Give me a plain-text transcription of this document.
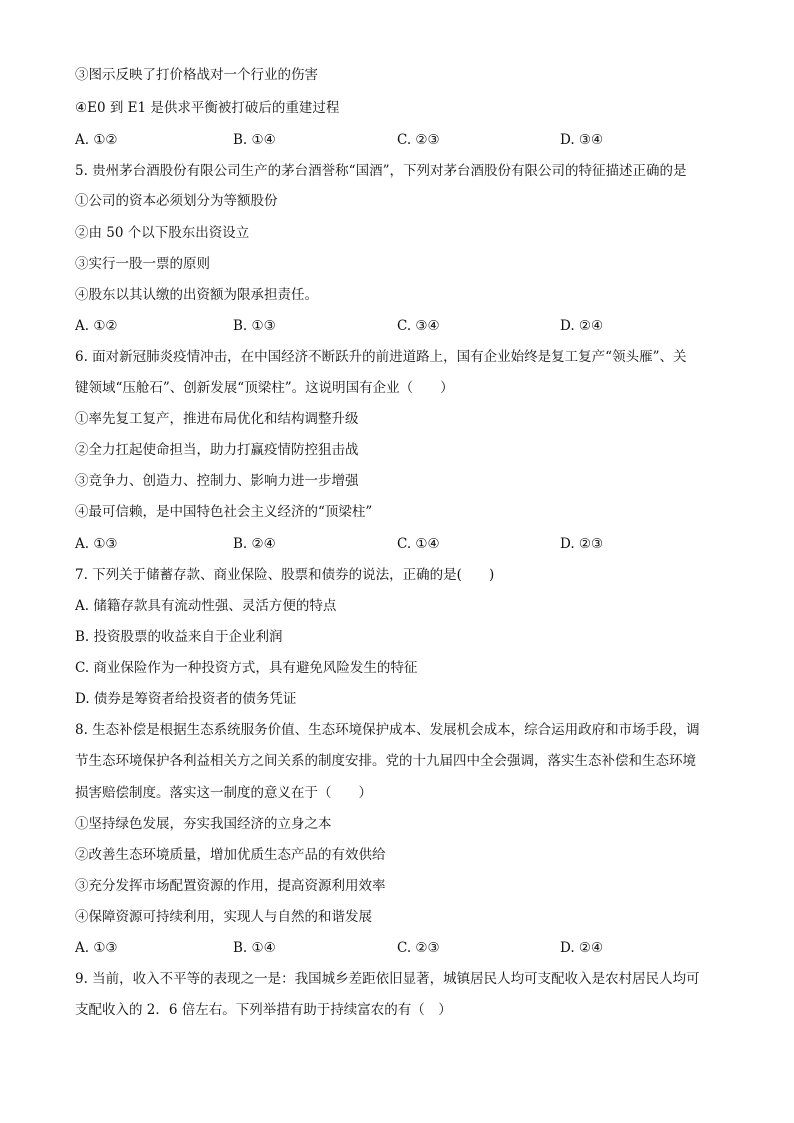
③图示反映了打价格战对一个行业的伤害
④E0 到 E1 是供求平衡被打破后的重建过程
A. ①②	B. ①④	C. ②③	D. ③④
5. 贵州茅台酒股份有限公司生产的茅台酒誉称“国酒”，下列对茅台酒股份有限公司的特征描述正确的是
①公司的资本必须划分为等额股份
②由 50 个以下股东出资设立
③实行一股一票的原则
④股东以其认缴的出资额为限承担责任。
A. ①②	B. ①③	C. ③④	D. ②④
6. 面对新冠肺炎疫情冲击，在中国经济不断跃升的前进道路上，国有企业始终是复工复产“领头雁”、关
键领域“压舱石”、创新发展“顶梁柱”。这说明国有企业（　　）
①率先复工复产，推进布局优化和结构调整升级
②全力扛起使命担当，助力打赢疫情防控狙击战
③竞争力、创造力、控制力、影响力进一步增强
④最可信赖，是中国特色社会主义经济的“顶梁柱”
A. ①③	B. ②④	C. ①④	D. ②③
7. 下列关于储蓄存款、商业保险、股票和债券的说法，正确的是(　　)
A. 储籍存款具有流动性强、灵活方便的特点
B. 投资股票的收益来自于企业利润
C. 商业保险作为一种投资方式，具有避免风险发生的特征
D. 债券是筹资者给投资者的债务凭证
8. 生态补偿是根据生态系统服务价值、生态环境保护成本、发展机会成本，综合运用政府和市场手段，调
节生态环境保护各利益相关方之间关系的制度安排。党的十九届四中全会强调，落实生态补偿和生态环境
损害赔偿制度。落实这一制度的意义在于（　　）
①坚持绿色发展，夯实我国经济的立身之本
②改善生态环境质量，增加优质生态产品的有效供给
③充分发挥市场配置资源的作用，提高资源利用效率
④保障资源可持续利用，实现人与自然的和谐发展
A. ①③	B. ①④	C. ②③	D. ②④
9. 当前，收入不平等的表现之一是：我国城乡差距依旧显著，城镇居民人均可支配收入是农村居民人均可
支配收入的 2．6 倍左右。下列举措有助于持续富农的有（　）
